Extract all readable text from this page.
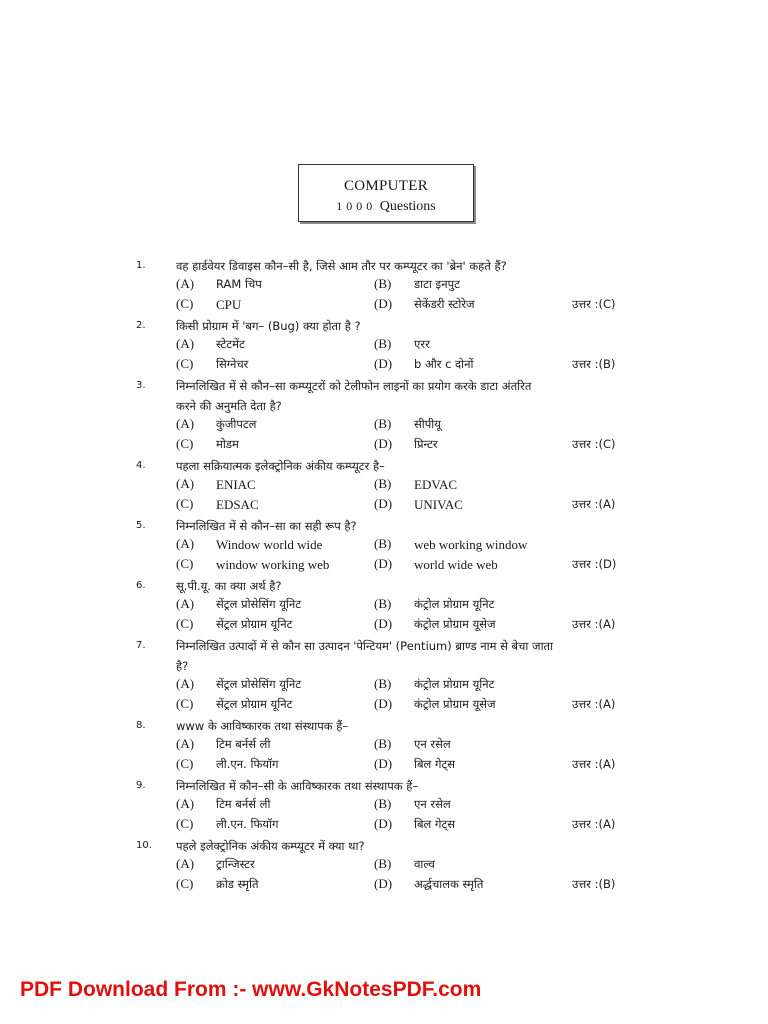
COMPUTER
1000 Questions
1.	वह हार्डवेयर डिवाइस कौन–सी है, जिसे आम तौर पर कम्प्यूटर का 'ब्रेन' कहते हैं?
(A)	RAM चिप	(B)	डाटा इनपुट
(C)	CPU	(D)	सेकेंडरी स्टोरेज	उत्तर :(C)
2.	किसी प्रोग्राम में 'बग– (Bug) क्या होता है ?
(A)	स्टेटमेंट	(B)	एरर
(C)	सिग्नेचर	(D)	b और c दोनों	उत्तर :(B)
3.	निम्नलिखित में से कौन–सा कम्प्यूटरों को टेलीफोन लाइनों का प्रयोग करके डाटा अंतरित
करने की अनुमति देता है?
(A)	कुंजीपटल	(B)	सीपीयू
(C)	मोडम	(D)	प्रिन्टर	उत्तर :(C)
4.	पहला सक्रियात्मक इलेक्ट्रोनिक अंकीय कम्प्यूटर है–
(A)	ENIAC	(B)	EDVAC
(C)	EDSAC	(D)	UNIVAC	उत्तर :(A)
5.	निम्नलिखित में से कौन–सा का सही रूप है?
(A)	Window world wide	(B)	web working window
(C)	window working web	(D)	world wide web	उत्तर :(D)
6.	सू.पी.यू. का क्या अर्थ है?
(A)	सेंट्रल प्रोसेसिंग यूनिट	(B)	कंट्रोल प्रोग्राम यूनिट
(C)	सेंट्रल प्रोग्राम यूनिट	(D)	कंट्रोल प्रोग्राम यूसेज	उत्तर :(A)
7.	निम्नलिखित उत्पादों में से कौन सा उत्पादन 'पेन्टियम' (Pentium) ब्राण्ड नाम से बेचा जाता
है?
(A)	सेंट्रल प्रोसेसिंग यूनिट	(B)	कंट्रोल प्रोग्राम यूनिट
(C)	सेंट्रल प्रोग्राम यूनिट	(D)	कंट्रोल प्रोग्राम यूसेज	उत्तर :(A)
8.	www के आविष्कारक तथा संस्थापक हैं–
(A)	टिम बर्नर्स ली	(B)	एन रसेल
(C)	ली.एन. फियॉग	(D)	बिल गेट्स	उत्तर :(A)
9.	निम्नलिखित में कौन–सी के आविष्कारक तथा संस्थापक हैं–
(A)	टिम बर्नर्स ली	(B)	एन रसेल
(C)	ली.एन. फियॉग	(D)	बिल गेट्स	उत्तर :(A)
10.	पहले इलेक्ट्रोनिक अंकीय कम्प्यूटर में क्या था?
(A)	ट्रान्जिस्टर	(B)	वाल्व
(C)	क्रोड स्मृति	(D)	अर्द्धचालक स्मृति	उत्तर :(B)
PDF Download From :- www.GkNotesPDF.com
